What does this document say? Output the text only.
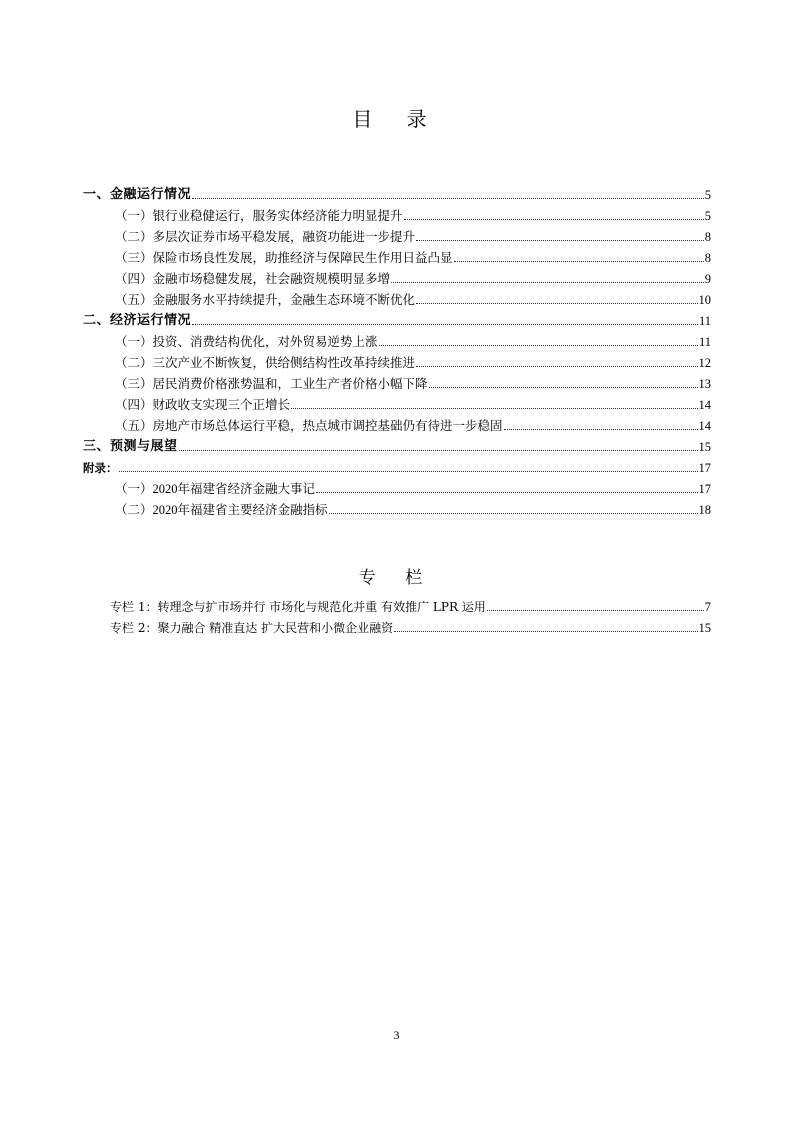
目 录
一、金融运行情况	5
（一）银行业稳健运行，服务实体经济能力明显提升	5
（二）多层次证券市场平稳发展，融资功能进一步提升	8
（三）保险市场良性发展，助推经济与保障民生作用日益凸显	8
（四）金融市场稳健发展，社会融资规模明显多增	9
（五）金融服务水平持续提升，金融生态环境不断优化	10
二、经济运行情况	11
（一）投资、消费结构优化，对外贸易逆势上涨	11
（二）三次产业不断恢复，供给侧结构性改革持续推进	12
（三）居民消费价格涨势温和，工业生产者价格小幅下降	13
（四）财政收支实现三个正增长	14
（五）房地产市场总体运行平稳，热点城市调控基础仍有待进一步稳固	14
三、预测与展望	15
附录：	17
（一）2020年福建省经济金融大事记	17
（二）2020年福建省主要经济金融指标	18
专 栏
专栏 1：转理念与扩市场并行 市场化与规范化并重 有效推广 LPR 运用	7
专栏 2：聚力融合 精准直达 扩大民营和小微企业融资	15
3
